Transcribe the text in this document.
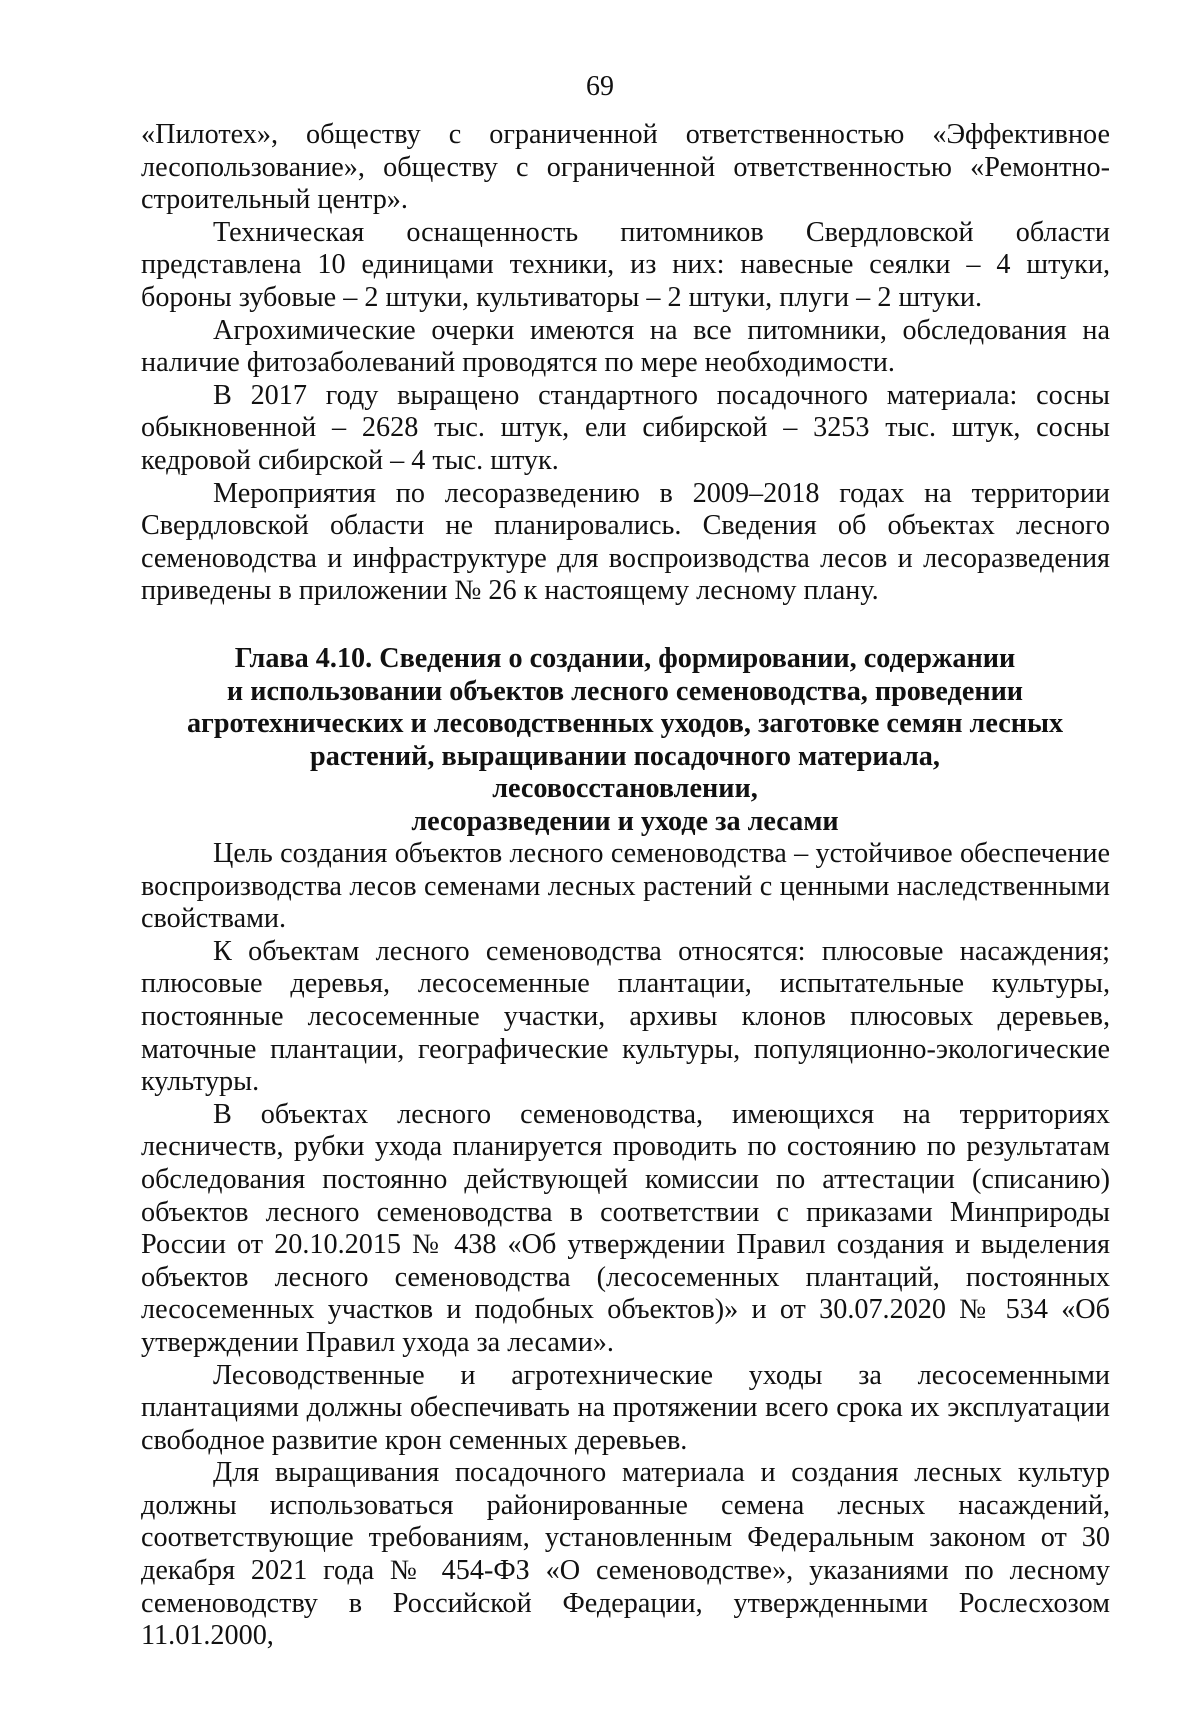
69

«Пилотех», обществу с ограниченной ответственностью «Эффективное лесопользование», обществу с ограниченной ответственностью «Ремонтно-строительный центр».

Техническая оснащенность питомников Свердловской области представлена 10 единицами техники, из них: навесные сеялки – 4 штуки, бороны зубовые – 2 штуки, культиваторы – 2 штуки, плуги – 2 штуки.

Агрохимические очерки имеются на все питомники, обследования на наличие фитозаболеваний проводятся по мере необходимости.

В 2017 году выращено стандартного посадочного материала: сосны обыкновенной – 2628 тыс. штук, ели сибирской – 3253 тыс. штук, сосны кедровой сибирской – 4 тыс. штук.

Мероприятия по лесоразведению в 2009–2018 годах на территории Свердловской области не планировались. Сведения об объектах лесного семеноводства и инфраструктуре для воспроизводства лесов и лесоразведения приведены в приложении № 26 к настоящему лесному плану.

Глава 4.10. Сведения о создании, формировании, содержании
и использовании объектов лесного семеноводства, проведении
агротехнических и лесоводственных уходов, заготовке семян лесных
растений, выращивании посадочного материала, лесовосстановлении,
лесоразведении и уходе за лесами

Цель создания объектов лесного семеноводства – устойчивое обеспечение воспроизводства лесов семенами лесных растений с ценными наследственными свойствами.

К объектам лесного семеноводства относятся: плюсовые насаждения; плюсовые деревья, лесосеменные плантации, испытательные культуры, постоянные лесосеменные участки, архивы клонов плюсовых деревьев, маточные плантации, географические культуры, популяционно-экологические культуры.

В объектах лесного семеноводства, имеющихся на территориях лесничеств, рубки ухода планируется проводить по состоянию по результатам обследования постоянно действующей комиссии по аттестации (списанию) объектов лесного семеноводства в соответствии с приказами Минприроды России от 20.10.2015 № 438 «Об утверждении Правил создания и выделения объектов лесного семеноводства (лесосеменных плантаций, постоянных лесосеменных участков и подобных объектов)» и от 30.07.2020 № 534 «Об утверждении Правил ухода за лесами».

Лесоводственные и агротехнические уходы за лесосеменными плантациями должны обеспечивать на протяжении всего срока их эксплуатации свободное развитие крон семенных деревьев.

Для выращивания посадочного материала и создания лесных культур должны использоваться районированные семена лесных насаждений, соответствующие требованиям, установленным Федеральным законом от 30 декабря 2021 года № 454-ФЗ «О семеноводстве», указаниями по лесному семеноводству в Российской Федерации, утвержденными Рослесхозом 11.01.2000,
